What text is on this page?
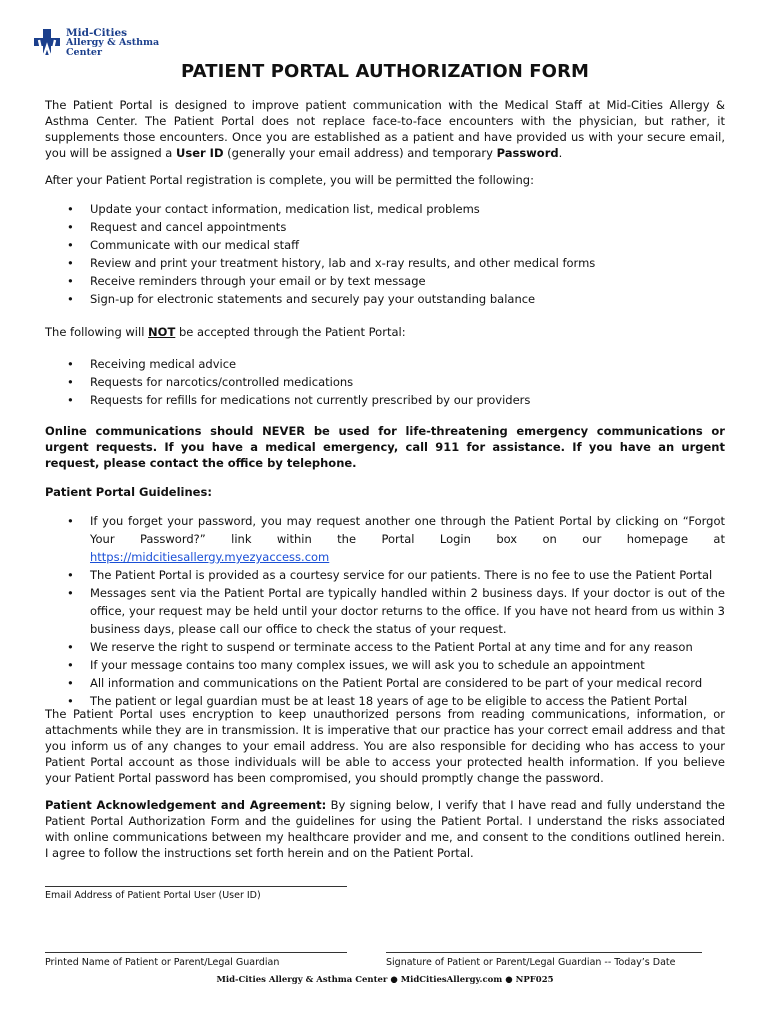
Mid-Cities
Allergy & Asthma
Center
PATIENT PORTAL AUTHORIZATION FORM
The Patient Portal is designed to improve patient communication with the Medical Staff at Mid-Cities Allergy & Asthma Center. The Patient Portal does not replace face-to-face encounters with the physician, but rather, it supplements those encounters. Once you are established as a patient and have provided us with your secure email, you will be assigned a User ID (generally your email address) and temporary Password.
After your Patient Portal registration is complete, you will be permitted the following:
• Update your contact information, medication list, medical problems
• Request and cancel appointments
• Communicate with our medical staff
• Review and print your treatment history, lab and x-ray results, and other medical forms
• Receive reminders through your email or by text message
• Sign-up for electronic statements and securely pay your outstanding balance
The following will NOT be accepted through the Patient Portal:
• Receiving medical advice
• Requests for narcotics/controlled medications
• Requests for refills for medications not currently prescribed by our providers
Online communications should NEVER be used for life-threatening emergency communications or urgent requests. If you have a medical emergency, call 911 for assistance. If you have an urgent request, please contact the office by telephone.
Patient Portal Guidelines:
• If you forget your password, you may request another one through the Patient Portal by clicking on “Forgot Your Password?” link within the Portal Login box on our homepage at https://midcitiesallergy.myezyaccess.com
• The Patient Portal is provided as a courtesy service for our patients. There is no fee to use the Patient Portal
• Messages sent via the Patient Portal are typically handled within 2 business days. If your doctor is out of the office, your request may be held until your doctor returns to the office. If you have not heard from us within 3 business days, please call our office to check the status of your request.
• We reserve the right to suspend or terminate access to the Patient Portal at any time and for any reason
• If your message contains too many complex issues, we will ask you to schedule an appointment
• All information and communications on the Patient Portal are considered to be part of your medical record
• The patient or legal guardian must be at least 18 years of age to be eligible to access the Patient Portal
The Patient Portal uses encryption to keep unauthorized persons from reading communications, information, or attachments while they are in transmission. It is imperative that our practice has your correct email address and that you inform us of any changes to your email address. You are also responsible for deciding who has access to your Patient Portal account as those individuals will be able to access your protected health information. If you believe your Patient Portal password has been compromised, you should promptly change the password.
Patient Acknowledgement and Agreement: By signing below, I verify that I have read and fully understand the Patient Portal Authorization Form and the guidelines for using the Patient Portal. I understand the risks associated with online communications between my healthcare provider and me, and consent to the conditions outlined herein. I agree to follow the instructions set forth herein and on the Patient Portal.
Email Address of Patient Portal User (User ID)
Printed Name of Patient or Parent/Legal Guardian	Signature of Patient or Parent/Legal Guardian -- Today’s Date
Mid-Cities Allergy & Asthma Center ● MidCitiesAllergy.com ● NPF025
